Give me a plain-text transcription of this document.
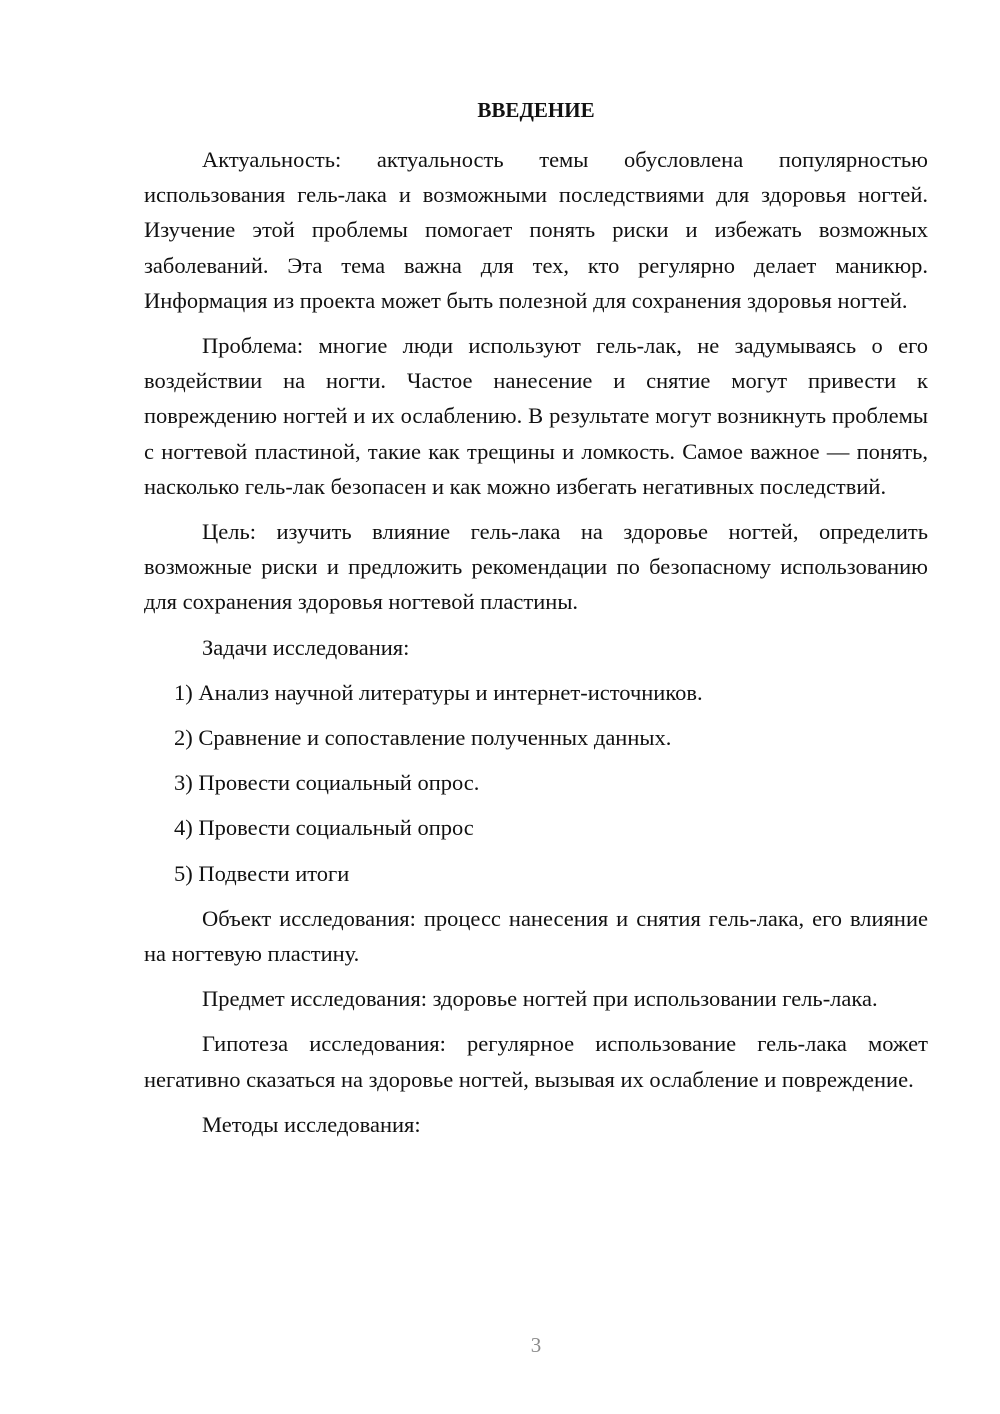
ВВЕДЕНИЕ

Актуальность: актуальность темы обусловлена популярностью использования гель-лака и возможными последствиями для здоровья ногтей. Изучение этой проблемы помогает понять риски и избежать возможных заболеваний. Эта тема важна для тех, кто регулярно делает маникюр. Информация из проекта может быть полезной для сохранения здоровья ногтей.

Проблема: многие люди используют гель-лак, не задумываясь о его воздействии на ногти. Частое нанесение и снятие могут привести к повреждению ногтей и их ослаблению. В результате могут возникнуть проблемы с ногтевой пластиной, такие как трещины и ломкость. Самое важное — понять, насколько гель-лак безопасен и как можно избегать негативных последствий.

Цель: изучить влияние гель-лака на здоровье ногтей, определить возможные риски и предложить рекомендации по безопасному использованию для сохранения здоровья ногтевой пластины.

Задачи исследования:

1) Анализ научной литературы и интернет-источников.

2) Сравнение и сопоставление полученных данных.

3) Провести социальный опрос.

4) Провести социальный опрос

5) Подвести итоги

Объект исследования: процесс нанесения и снятия гель-лака, его влияние на ногтевую пластину.

Предмет исследования: здоровье ногтей при использовании гель-лака.

Гипотеза исследования: регулярное использование гель-лака может негативно сказаться на здоровье ногтей, вызывая их ослабление и повреждение.

Методы исследования:

3
